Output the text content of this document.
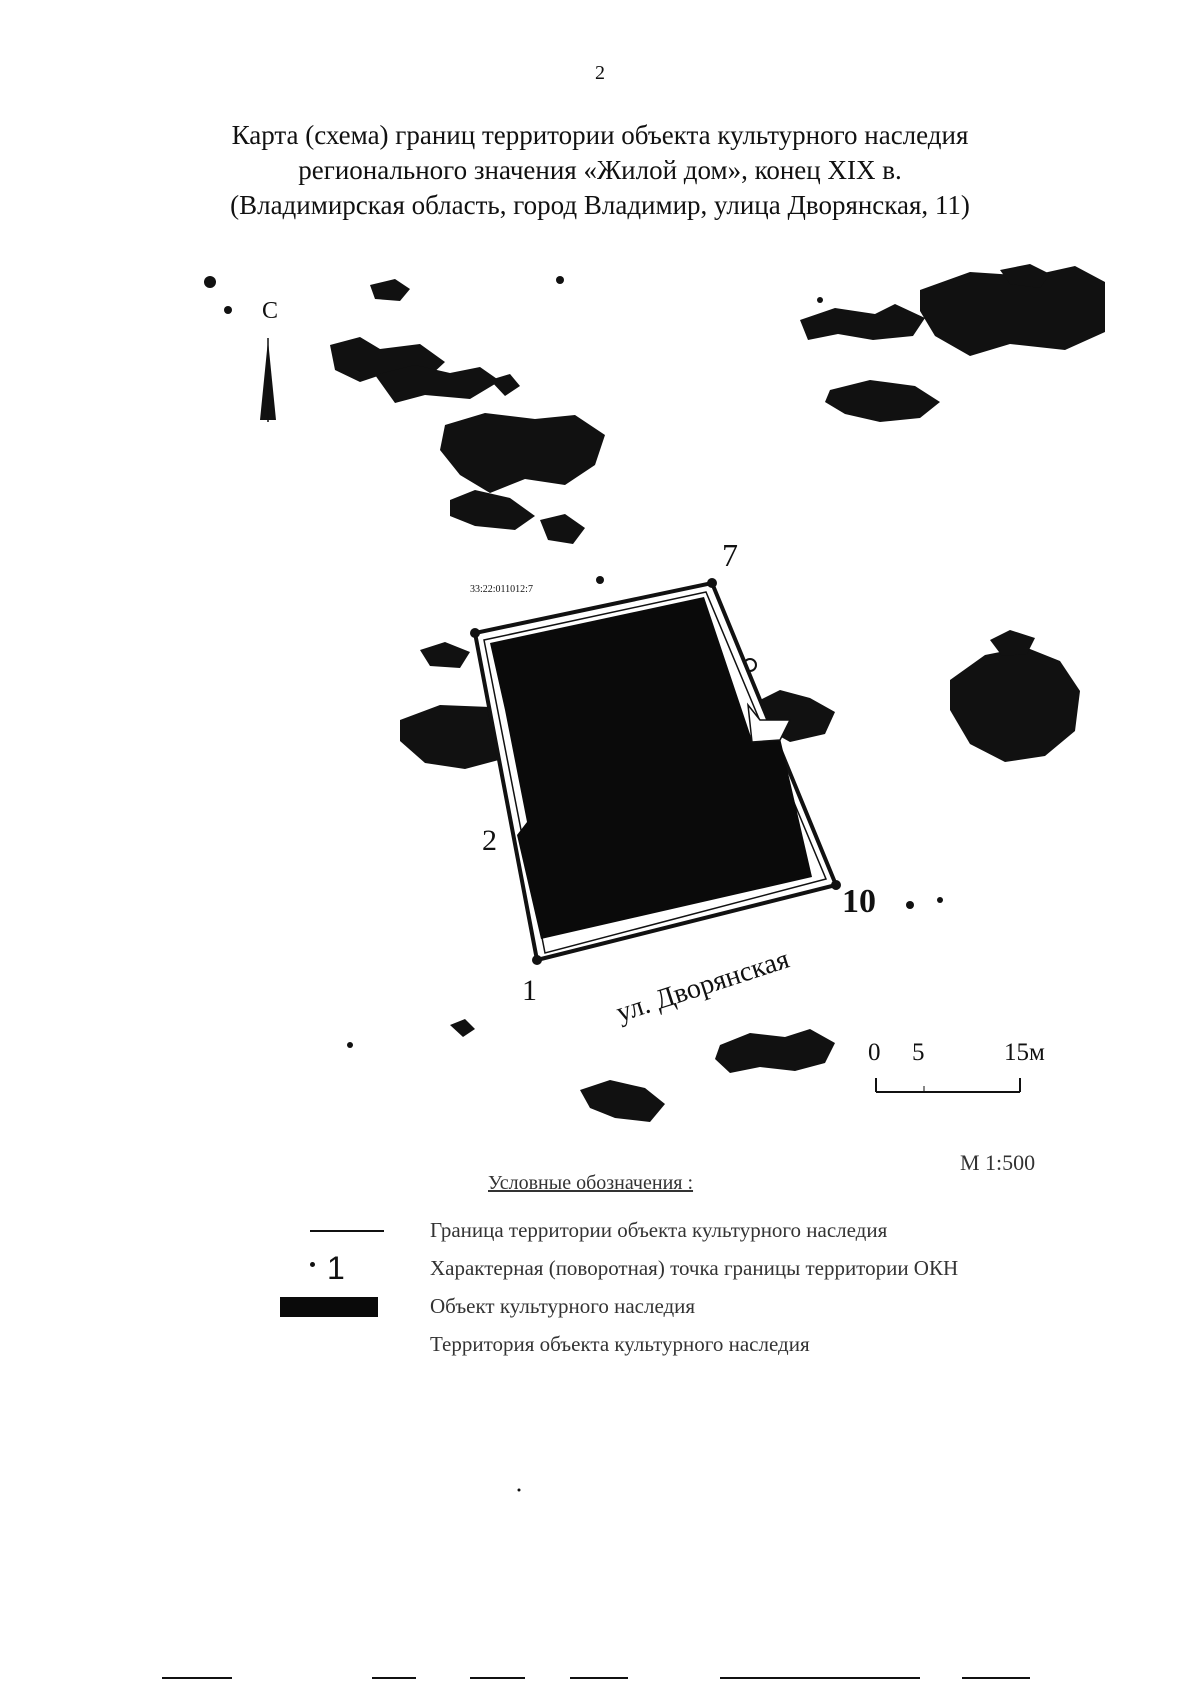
2
Карта (схема) границ территории объекта культурного наследия
регионального значения «Жилой дом», конец XIX в.
(Владимирская область, город Владимир, улица Дворянская, 11)
С
33:22:011012:7
1
2
7
10
ул. Дворянская
0 5	15м
М 1:500
Условные обозначения :
Граница территории объекта культурного наследия
1	Характерная (поворотная) точка границы территории ОКН
Объект культурного наследия
Территория объекта культурного наследия
